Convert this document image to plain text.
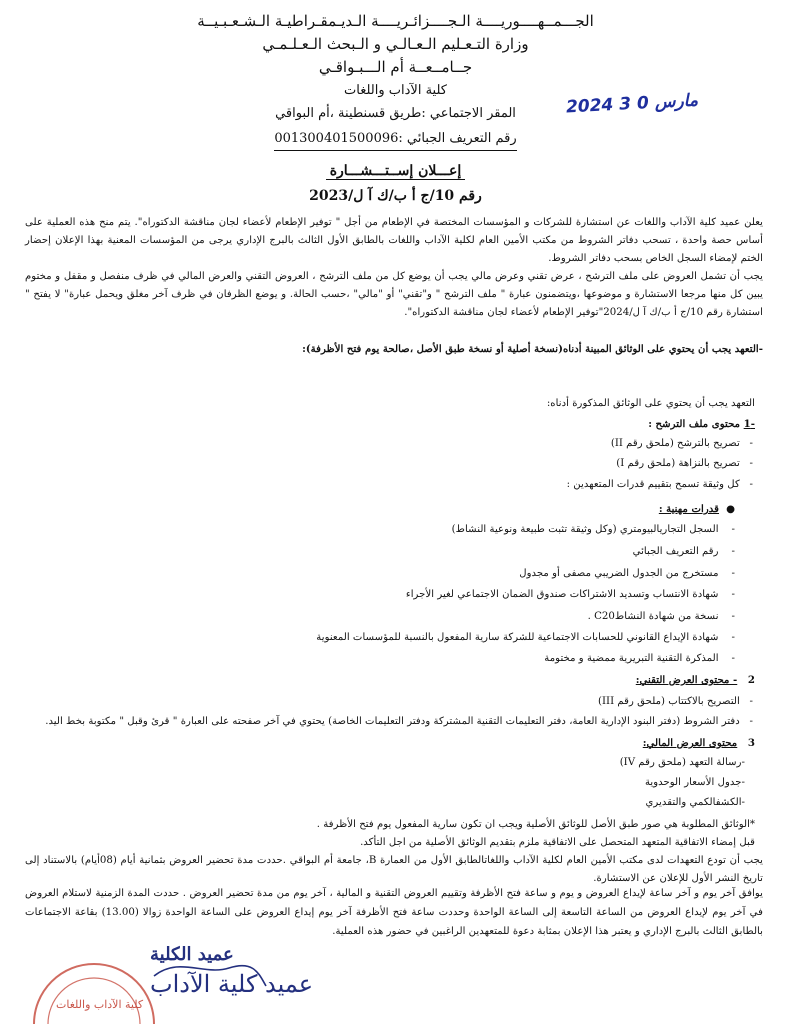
الجـــمــهــــوريــــة الـجــــزائـريــــة الـديـمقـراطيـة الـشـعـبـيــة
وزارة التـعـليم الـعـالـي و الـبحث الـعـلـمـي
جــامــعــة أم الـــبـواقـي
كلية الآداب واللغات
المقر الاجتماعي :طريق قسنطينة ،أم البواقي
رقم التعريف الجبائي :001300401500096
2024 مارس 0 3
إعـــلان إســتـــشـــارة
رقم 10/ج أ ب/ك آ ل/2023
يعلن عميد كلية الآداب واللغات عن استشارة للشركات و المؤسسات المختصة في الإطعام من أجل " توفير الإطعام لأعضاء لجان مناقشة الدكتوراه". يتم منح هذه العملية على أساس حصة واحدة ، تسحب دفاتر الشروط من مكتب الأمين العام لكلية الآداب واللغات بالطابق الأول الثالث بالبرج الإداري يرجى من المؤسسات المعنية بهذا الإعلان إحضار الختم لإمضاء السجل الخاص بسحب دفاتر الشروط.
يجب أن تشمل العروض على ملف الترشح ، عرض تقني وعرض مالي يجب أن يوضع كل من ملف الترشح ، العروض التقني والعرض المالي في ظرف منفصل و مقفل و مختوم يبين كل منها مرجعا الاستشارة و موضوعها ،ويتضمنون عبارة " ملف الترشح " و"تقني" أو "مالي" ،حسب الحالة. و يوضع الظرفان في ظرف آخر مغلق ويحمل عبارة" لا يفتح " استشارة رقم 10/ج أ ب/ك آ ل/2024"توفير الإطعام لأعضاء لجان مناقشة الدكتوراه".
-التعهد يجب أن يحتوي على الوثائق المبينة أدناه(نسخة أصلية أو نسخة طبق الأصل ،صالحة يوم فتح الأظرفة):
التعهد يجب أن يحتوي على الوثائق المذكورة أدناه:
-1 محتوى ملف الترشح :
-   تصريح بالترشح (ملحق رقم II)
-   تصريح بالنزاهة (ملحق رقم I)
-   كل وثيقة تسمح بتقييم قدرات المتعهدين :
●  قدرات مهنية :
-    السجل التجاريالبيومتري (وكل وثيقة تثبت طبيعة ونوعية النشاط)
-    رقم التعريف الجبائي
-    مستخرج من الجدول الضريبي مصفى أو مجدول
-    شهادة الانتساب وتسديد الاشتراكات صندوق الضمان الاجتماعي لغير الأجراء
-    نسخة من شهادة النشاطC20 .
-    شهادة الإيداع القانوني للحسابات الاجتماعية للشركة سارية المفعول بالنسبة للمؤسسات المعنوية
-    المذكرة التقنية التبريرية ممضية و مختومة
2   - محتوى العرض التقني:
-   التصريح بالاكتتاب (ملحق رقم III)
-   دفتر الشروط (دفتر البنود الإدارية العامة، دفتر التعليمات التقنية المشتركة ودفتر التعليمات الخاصة) يحتوي في آخر صفحته على العبارة " قرئ وقبل " مكتوبة بخط اليد.
3   محتوى العرض المالي:
-رسالة التعهد (ملحق رقم IV)
-جدول الأسعار الوحدوية
-الكشفالكمي والتقديري
*الوثائق المطلوبة هي صور طبق الأصل للوثائق الأصلية ويجب ان تكون سارية المفعول يوم فتح الأظرفة .
قبل إمضاء الاتفاقية المتعهد المتحصل على الاتفاقية ملزم بتقديم الوثائق الأصلية من اجل التأكد.
يجب أن تودع التعهدات لدى مكتب الأمين العام لكلية الآداب واللغاتالطابق الأول من العمارة B، جامعة أم البواقي .حددت مدة تحضير العروض بثمانية أيام (08أيام) بالاستناد إلى تاريخ النشر الأول للإعلان عن الاستشارة.
يوافق آخر يوم و آخر ساعة لإيداع العروض و يوم و ساعة فتح الأظرفة وتقييم العروض التقنية و المالية ، آخر يوم من مدة تحضير العروض . حددت المدة الزمنية لاستلام العروض في آخر يوم لإيداع العروض من الساعة التاسعة إلى الساعة الواحدة وحددت ساعة فتح الأظرفة آخر يوم إيداع العروض على الساعة الواحدة زوالا (13.00) بقاعة الاجتماعات بالطابق الثالث بالبرج الإداري و يعتبر هذا الإعلان بمثابة دعوة للمتعهدين الراغبين في حضور هذه العملية.
عميد الكلية
عميد كلية الآداب
كلية الآداب واللغات
